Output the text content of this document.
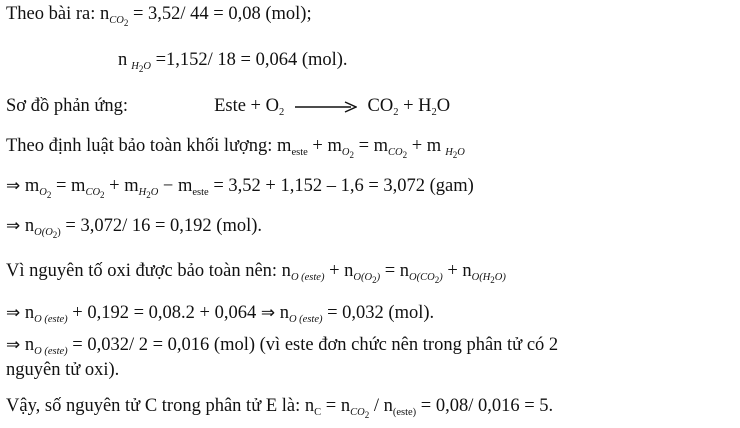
Theo bài ra: $n_{CO_2} = 3,52/$ 44 = 0,08 (mol);
n $_{H_2O}$ =1,152/ 18 = 0,064 (mol).
Sơ đồ phản ứng:	Este + $O_2 \to CO_2 + H_2O$
Theo định luật bảo toàn khối lượng: $m_{este} + m_{O_2} = m_{CO_2} + m$ $_{H_2O}$
⇒ $m_{O_2} = m_{CO_2} + m_{H_2O} - m_{este} = 3,52 + 1,152 - 1,6 = 3,072$ (gam)
⇒ $n_{O(O_2)} = 3,072/$ 16 = 0,192 (mol).
Vì nguyên tố oxi được bảo toàn nên: $n_{O (este)} + n_{O(O_2)} = n_{O(CO_2)} + n_{O(H_2O)}$
⇒ $n_{O (este)} + 0,192 = 0,08.2 + 0,064$ ⇒ $n_{O (este)} = 0,032$ (mol).
⇒ $n_{O (este)} = 0,032/$ 2 = 0,016 (mol) (vì este đơn chức nên trong phân tử có 2
nguyên tử oxi).
Vậy, số nguyên tử C trong phân tử E là: $n_C = n_{CO_2} / n_{(este)} = 0,08/$ 0,016 = 5.
